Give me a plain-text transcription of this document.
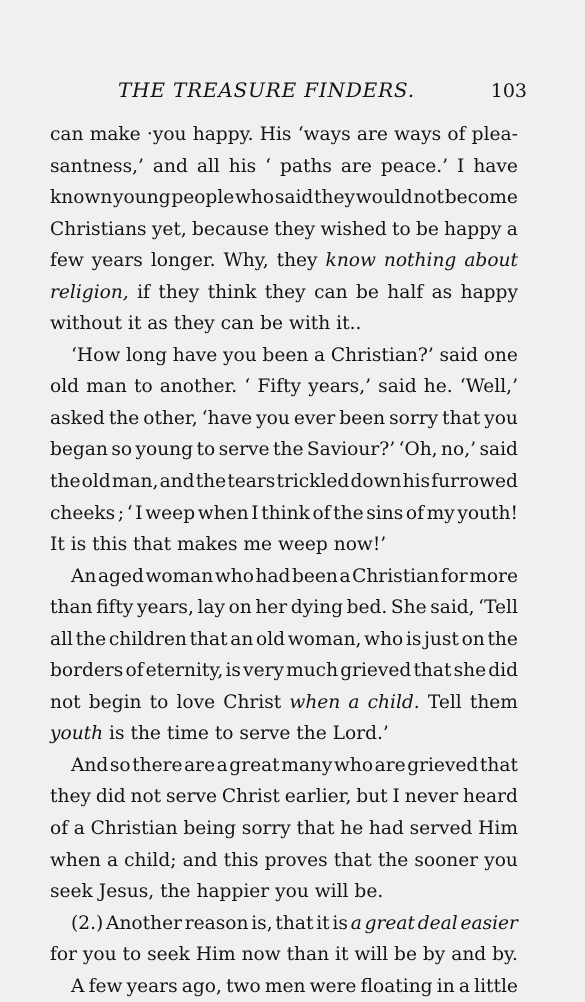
THE TREASURE FINDERS.	103
can make ·you happy. His ‘ways are ways of plea-
santness,’ and all his ‘ paths are peace.’ I have
known young people who said they would not become
Christians yet, because they wished to be happy a
few years longer. Why, they know nothing about
religion, if they think they can be half as happy
without
it
as
they
can
be
with
it..
‘How long have you been a Christian?’ said one
old man to another. ‘ Fifty years,’ said he. ‘Well,’
asked the other, ‘have you ever been sorry that you
began so young to serve the Saviour?’ ‘Oh, no,’ said
the old man, and the tears trickled down his furrowed
cheeks ; ‘ I weep when I think of the sins of my youth!
It
is
this
that
makes
me
weep
now!’
An aged woman who had been a Christian for more
than fifty years, lay on her dying bed. She said, ‘Tell
all the children that an old woman, who is just on the
borders of eternity, is very much grieved that she did
not begin to love Christ when a child. Tell them
youth
is
the
time
to
serve
the
Lord.’
And so there are a great many who are grieved that
they did not serve Christ earlier, but I never heard
of a Christian being sorry that he had served Him
when a child; and this proves that the sooner you
seek
Jesus,
the
happier
you
will
be.
(2.) Another reason is, that it is a great deal easier
for
you
to
seek
Him
now
than
it
will
be
by
and
by.
A few years ago, two men were floating in a little
